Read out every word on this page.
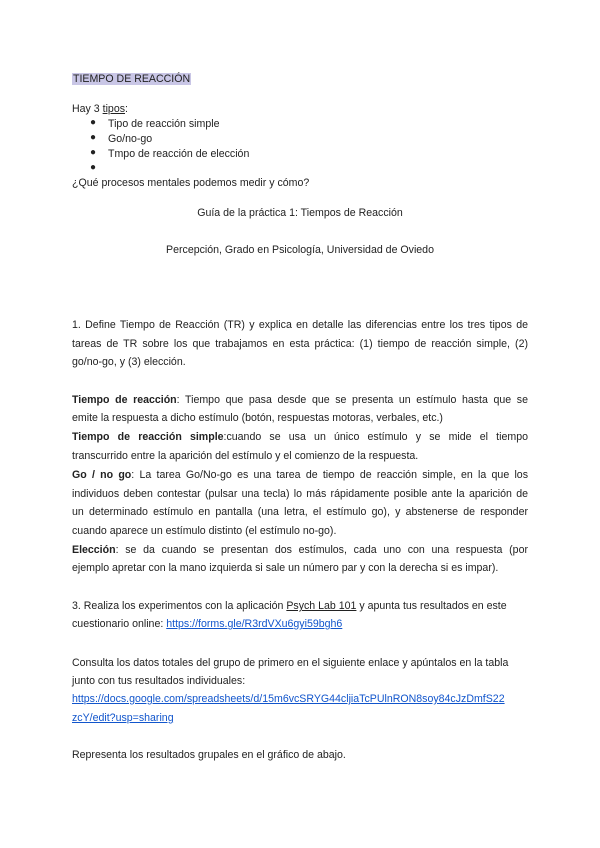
TIEMPO DE REACCIÓN
Hay 3 tipos:
● Tipo de reacción simple
● Go/no-go
● Tmpo de reacción de elección
●
¿Qué procesos mentales podemos medir y cómo?
Guía de la práctica 1: Tiempos de Reacción
Percepción, Grado en Psicología, Universidad de Oviedo
1. Define Tiempo de Reacción (TR) y explica en detalle las diferencias entre los tres tipos de
tareas de TR sobre los que trabajamos en esta práctica: (1) tiempo de reacción simple, (2)
go/no-go, y (3) elección.
Tiempo de reacción: Tiempo que pasa desde que se presenta un estímulo hasta que se
emite la respuesta a dicho estímulo (botón, respuestas motoras, verbales, etc.)
Tiempo de reacción simple:cuando se usa un único estímulo y se mide el tiempo
transcurrido entre la aparición del estímulo y el comienzo de la respuesta.
Go / no go: La tarea Go/No-go es una tarea de tiempo de reacción simple, en la que los
individuos deben contestar (pulsar una tecla) lo más rápidamente posible ante la aparición de
un determinado estímulo en pantalla (una letra, el estímulo go), y abstenerse de responder
cuando aparece un estímulo distinto (el estímulo no-go).
Elección: se da cuando se presentan dos estímulos, cada uno con una respuesta (por
ejemplo apretar con la mano izquierda si sale un número par y con la derecha si es impar).
3. Realiza los experimentos con la aplicación Psych Lab 101 y apunta tus resultados en este
cuestionario online: https://forms.gle/R3rdVXu6gyi59bgh6
Consulta los datos totales del grupo de primero en el siguiente enlace y apúntalos en la tabla
junto con tus resultados individuales:
https://docs.google.com/spreadsheets/d/15m6vcSRYG44cljiaTcPUlnRON8soy84cJzDmfS22
zcY/edit?usp=sharing
Representa los resultados grupales en el gráfico de abajo.
